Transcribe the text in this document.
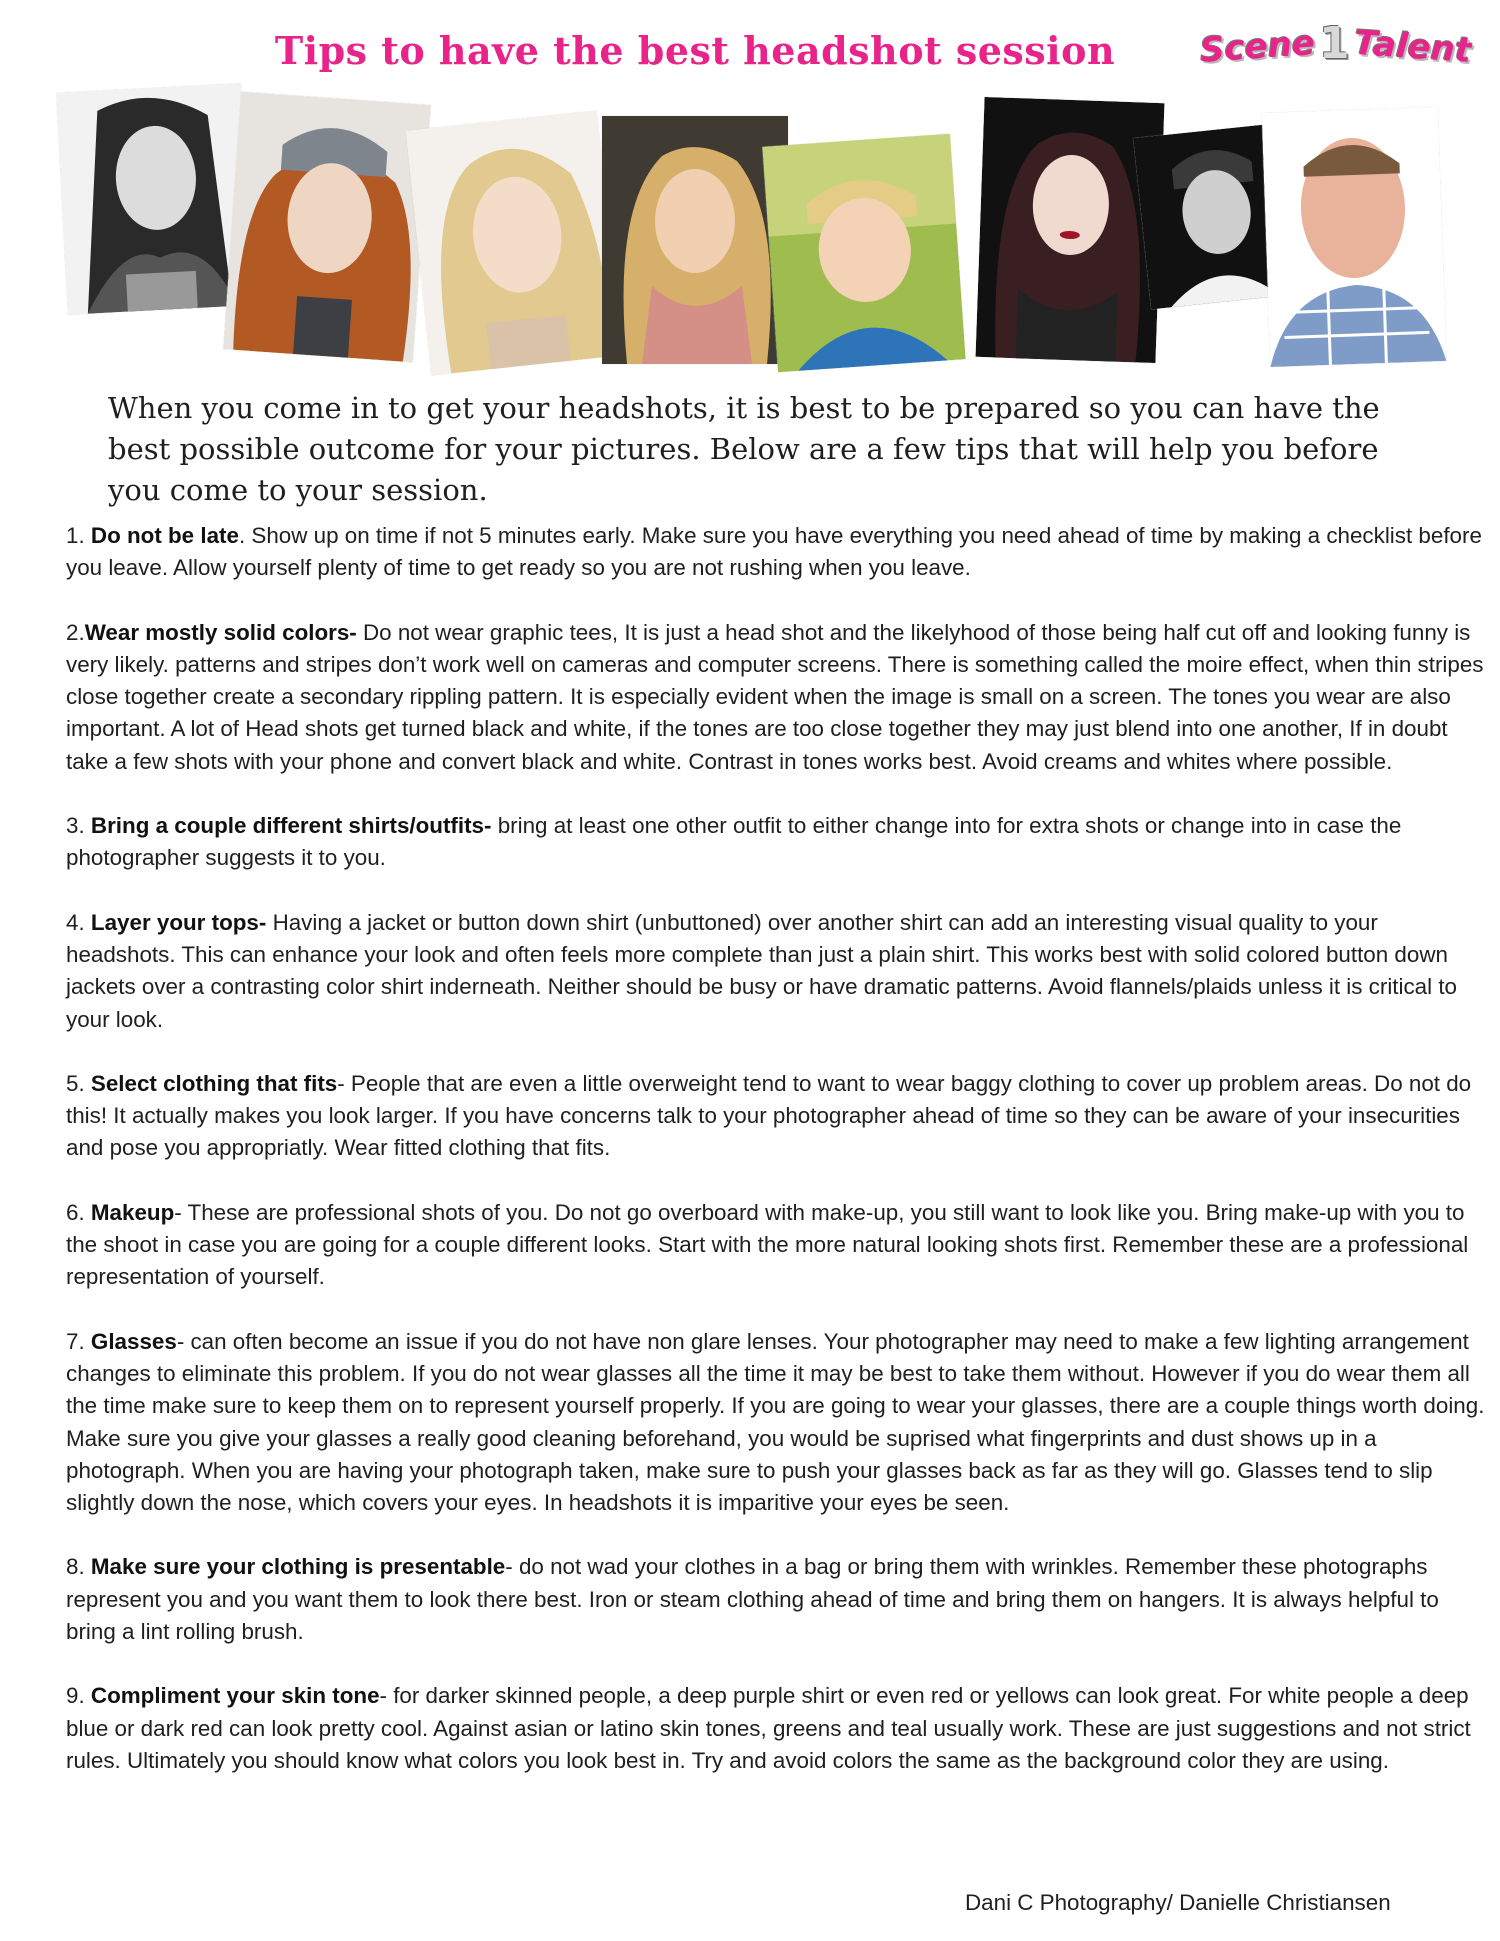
Tips to have the best headshot session	Scene1Talent
When you come in to get your headshots, it is best to be prepared so you can have the best possible outcome for your pictures. Below are a few tips that will help you before you come to your session.

1. Do not be late. Show up on time if not 5 minutes early. Make sure you have everything you need ahead of time by making a checklist before you leave. Allow yourself plenty of time to get ready so you are not rushing when you leave.

2.Wear mostly solid colors- Do not wear graphic tees, It is just a head shot and the likelyhood of those being half cut off and looking funny is very likely. patterns and stripes don’t work well on cameras and computer screens. There is something called the moire effect, when thin stripes close together create a secondary rippling pattern. It is especially evident when the image is small on a screen. The tones you wear are also important. A lot of Head shots get turned black and white, if the tones are too close together they may just blend into one another, If in doubt take a few shots with your phone and convert black and white. Contrast in tones works best. Avoid creams and whites where possible.

3. Bring a couple different shirts/outfits- bring at least one other outfit to either change into for extra shots or change into in case the photographer suggests it to you.

4. Layer your tops- Having a jacket or button down shirt (unbuttoned) over another shirt can add an interesting visual quality to your headshots. This can enhance your look and often feels more complete than just a plain shirt. This works best with solid colored button down jackets over a contrasting color shirt inderneath. Neither should be busy or have dramatic patterns. Avoid flannels/plaids unless it is critical to your look.

5. Select clothing that fits- People that are even a little overweight tend to want to wear baggy clothing to cover up problem areas. Do not do this! It actually makes you look larger. If you have concerns talk to your photographer ahead of time so they can be aware of your insecurities and pose you appropriatly. Wear fitted clothing that fits.

6. Makeup- These are professional shots of you. Do not go overboard with make-up, you still want to look like you. Bring make-up with you to the shoot in case you are going for a couple different looks. Start with the more natural looking shots first. Remember these are a professional representation of yourself.

7. Glasses- can often become an issue if you do not have non glare lenses. Your photographer may need to make a few lighting arrangement changes to eliminate this problem. If you do not wear glasses all the time it may be best to take them without. However if you do wear them all the time make sure to keep them on to represent yourself properly. If you are going to wear your glasses, there are a couple things worth doing. Make sure you give your glasses a really good cleaning beforehand, you would be suprised what fingerprints and dust shows up in a photograph. When you are having your photograph taken, make sure to push your glasses back as far as they will go. Glasses tend to slip slightly down the nose, which covers your eyes. In headshots it is imparitive your eyes be seen.

8. Make sure your clothing is presentable- do not wad your clothes in a bag or bring them with wrinkles. Remember these photographs represent you and you want them to look there best. Iron or steam clothing ahead of time and bring them on hangers. It is always helpful to bring a lint rolling brush.

9. Compliment your skin tone- for darker skinned people, a deep purple shirt or even red or yellows can look great. For white people a deep blue or dark red can look pretty cool. Against asian or latino skin tones, greens and teal usually work. These are just suggestions and not strict rules. Ultimately you should know what colors you look best in. Try and avoid colors the same as the background color they are using.

Dani C Photography/ Danielle Christiansen
